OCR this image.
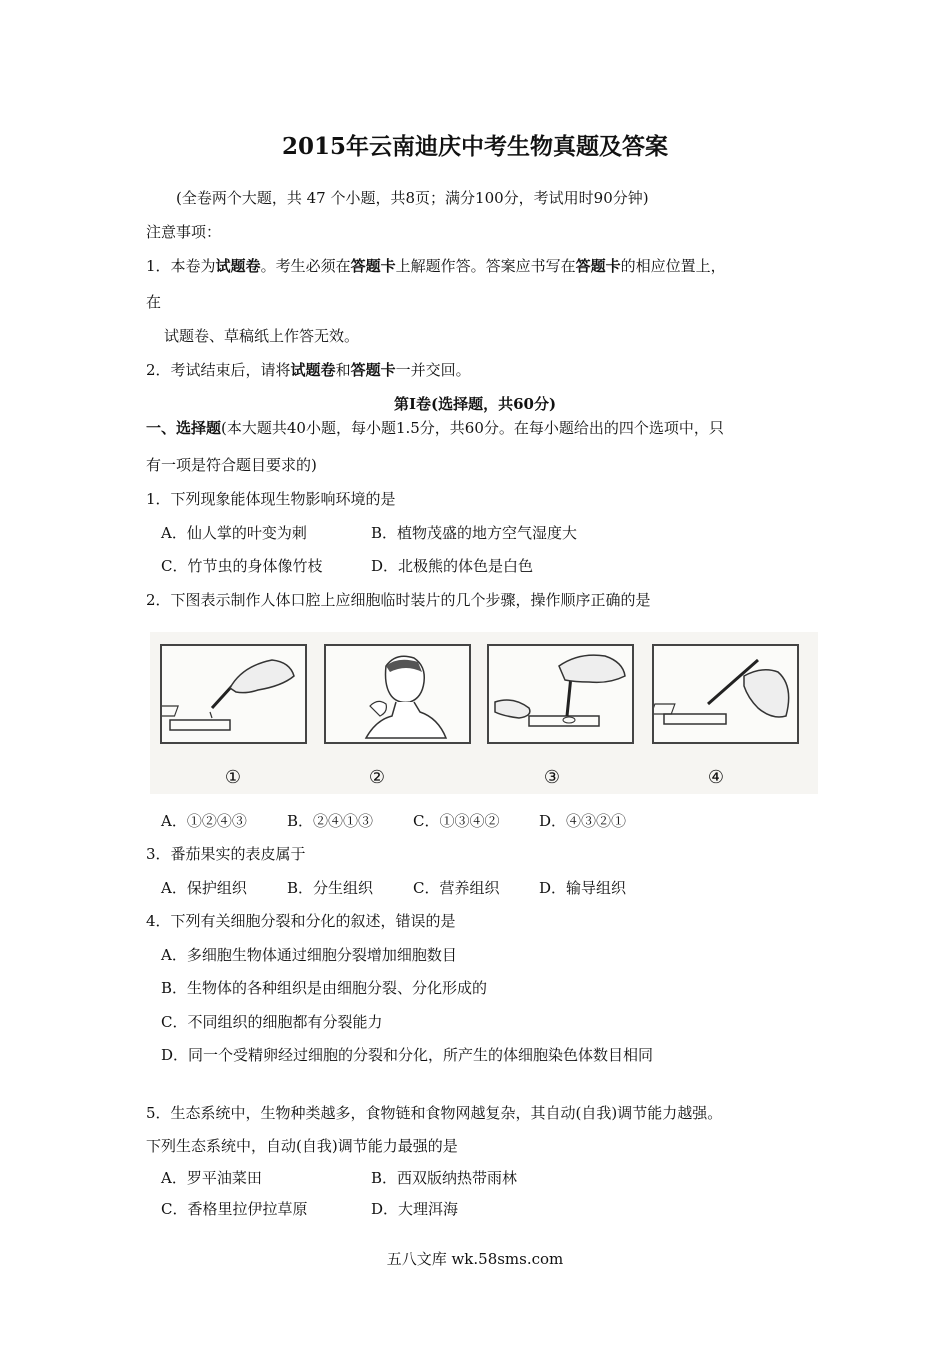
2015年云南迪庆中考生物真题及答案
(全卷两个大题，共 47 个小题，共8页；满分100分，考试用时90分钟)
注意事项：
1．本卷为试题卷。考生必须在答题卡上解题作答。答案应书写在答题卡的相应位置上，
在
试题卷、草稿纸上作答无效。
2．考试结束后，请将试题卷和答题卡一并交回。
第Ⅰ卷(选择题，共60分)
一、选择题(本大题共40小题，每小题1.5分，共60分。在每小题给出的四个选项中，只
有一项是符合题目要求的)
1．下列现象能体现生物影响环境的是
A．仙人掌的叶变为刺	B．植物茂盛的地方空气湿度大
C．竹节虫的身体像竹枝	D．北极熊的体色是白色
2．下图表示制作人体口腔上应细胞临时装片的几个步骤，操作顺序正确的是
①	②	③	④
A．①②④③	B．②④①③	C．①③④②	D．④③②①
3．番茄果实的表皮属于
A．保护组织	B．分生组织	C．营养组织	D．输导组织
4．下列有关细胞分裂和分化的叙述，错误的是
A．多细胞生物体通过细胞分裂增加细胞数目
B．生物体的各种组织是由细胞分裂、分化形成的
C．不同组织的细胞都有分裂能力
D．同一个受精卵经过细胞的分裂和分化，所产生的体细胞染色体数目相同
5．生态系统中，生物种类越多，食物链和食物网越复杂，其自动(自我)调节能力越强。
下列生态系统中，自动(自我)调节能力最强的是
A．罗平油菜田	B．西双版纳热带雨林
C．香格里拉伊拉草原	D．大理洱海
五八文库 wk.58sms.com
